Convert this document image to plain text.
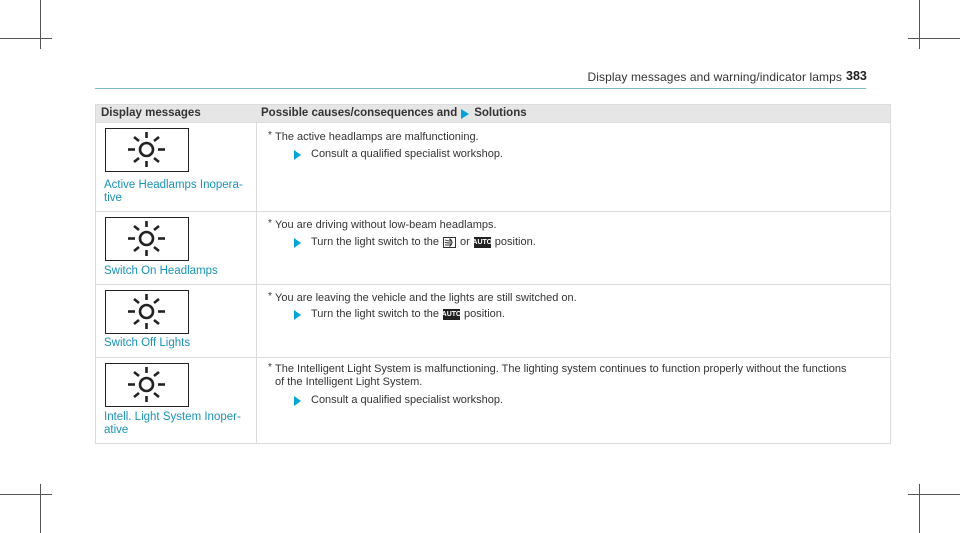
Display messages and warning/indicator lamps 383
Display messages	Possible causes/consequences and Solutions
Active Headlamps Inopera-
tive
* The active headlamps are malfunctioning.
Consult a qualified specialist workshop.
Switch On Headlamps
* You are driving without low-beam headlamps.
Turn the light switch to the or AUTO position.
Switch Off Lights
* You are leaving the vehicle and the lights are still switched on.
Turn the light switch to the AUTO position.
Intell. Light System Inoper-
ative
* The Intelligent Light System is malfunctioning. The lighting system continues to function properly without the functions
of the Intelligent Light System.
Consult a qualified specialist workshop.
